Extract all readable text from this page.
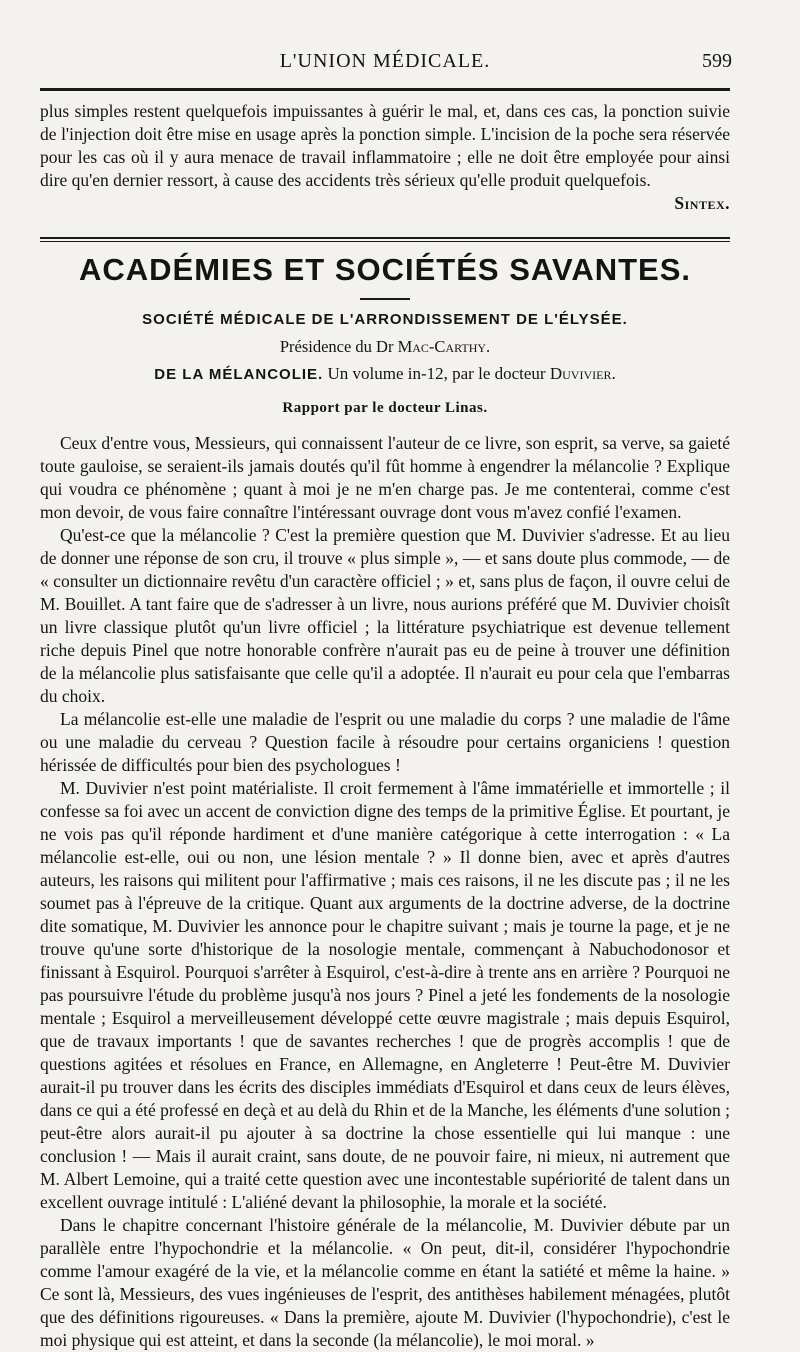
L'UNION MÉDICALE.	599

plus simples restent quelquefois impuissantes à guérir le mal, et, dans ces cas, la ponction suivie de l'injection doit être mise en usage après la ponction simple. L'incision de la poche sera réservée pour les cas où il y aura menace de travail inflammatoire ; elle ne doit être employée pour ainsi dire qu'en dernier ressort, à cause des accidents très sérieux qu'elle produit quelquefois.

Sintex.

ACADÉMIES ET SOCIÉTÉS SAVANTES.
SOCIÉTÉ MÉDICALE DE L'ARRONDISSEMENT DE L'ÉLYSÉE.
Présidence du Dr Mac-Carthy.
DE LA MÉLANCOLIE. Un volume in-12, par le docteur Duvivier.
Rapport par le docteur Linas.

Ceux d'entre vous, Messieurs, qui connaissent l'auteur de ce livre, son esprit, sa verve, sa gaieté toute gauloise, se seraient-ils jamais doutés qu'il fût homme à engendrer la mélancolie ? Explique qui voudra ce phénomène ; quant à moi je ne m'en charge pas. Je me contenterai, comme c'est mon devoir, de vous faire connaître l'intéressant ouvrage dont vous m'avez confié l'examen.

Qu'est-ce que la mélancolie ? C'est la première question que M. Duvivier s'adresse. Et au lieu de donner une réponse de son cru, il trouve « plus simple », — et sans doute plus commode, — de « consulter un dictionnaire revêtu d'un caractère officiel ; » et, sans plus de façon, il ouvre celui de M. Bouillet. A tant faire que de s'adresser à un livre, nous aurions préféré que M. Duvivier choisît un livre classique plutôt qu'un livre officiel ; la littérature psychiatrique est devenue tellement riche depuis Pinel que notre honorable confrère n'aurait pas eu de peine à trouver une définition de la mélancolie plus satisfaisante que celle qu'il a adoptée. Il n'aurait eu pour cela que l'embarras du choix.

La mélancolie est-elle une maladie de l'esprit ou une maladie du corps ? une maladie de l'âme ou une maladie du cerveau ? Question facile à résoudre pour certains organiciens ! question hérissée de difficultés pour bien des psychologues !

M. Duvivier n'est point matérialiste. Il croit fermement à l'âme immatérielle et immortelle ; il confesse sa foi avec un accent de conviction digne des temps de la primitive Église. Et pourtant, je ne vois pas qu'il réponde hardiment et d'une manière catégorique à cette interrogation : « La mélancolie est-elle, oui ou non, une lésion mentale ? » Il donne bien, avec et après d'autres auteurs, les raisons qui militent pour l'affirmative ; mais ces raisons, il ne les discute pas ; il ne les soumet pas à l'épreuve de la critique. Quant aux arguments de la doctrine adverse, de la doctrine dite somatique, M. Duvivier les annonce pour le chapitre suivant ; mais je tourne la page, et je ne trouve qu'une sorte d'historique de la nosologie mentale, commençant à Nabuchodonosor et finissant à Esquirol. Pourquoi s'arrêter à Esquirol, c'est-à-dire à trente ans en arrière ? Pourquoi ne pas poursuivre l'étude du problème jusqu'à nos jours ? Pinel a jeté les fondements de la nosologie mentale ; Esquirol a merveilleusement développé cette œuvre magistrale ; mais depuis Esquirol, que de travaux importants ! que de savantes recherches ! que de progrès accomplis ! que de questions agitées et résolues en France, en Allemagne, en Angleterre ! Peut-être M. Duvivier aurait-il pu trouver dans les écrits des disciples immédiats d'Esquirol et dans ceux de leurs élèves, dans ce qui a été professé en deçà et au delà du Rhin et de la Manche, les éléments d'une solution ; peut-être alors aurait-il pu ajouter à sa doctrine la chose essentielle qui lui manque : une conclusion ! — Mais il aurait craint, sans doute, de ne pouvoir faire, ni mieux, ni autrement que M. Albert Lemoine, qui a traité cette question avec une incontestable supériorité de talent dans un excellent ouvrage intitulé : L'aliéné devant la philosophie, la morale et la société.

Dans le chapitre concernant l'histoire générale de la mélancolie, M. Duvivier débute par un parallèle entre l'hypochondrie et la mélancolie. « On peut, dit-il, considérer l'hypochondrie comme l'amour exagéré de la vie, et la mélancolie comme en étant la satiété et même la haine. » Ce sont là, Messieurs, des vues ingénieuses de l'esprit, des antithèses habilement ménagées, plutôt que des définitions rigoureuses. « Dans la première, ajoute M. Duvivier (l'hypochondrie), c'est le moi physique qui est atteint, et dans la seconde (la mélancolie), le moi moral. »
